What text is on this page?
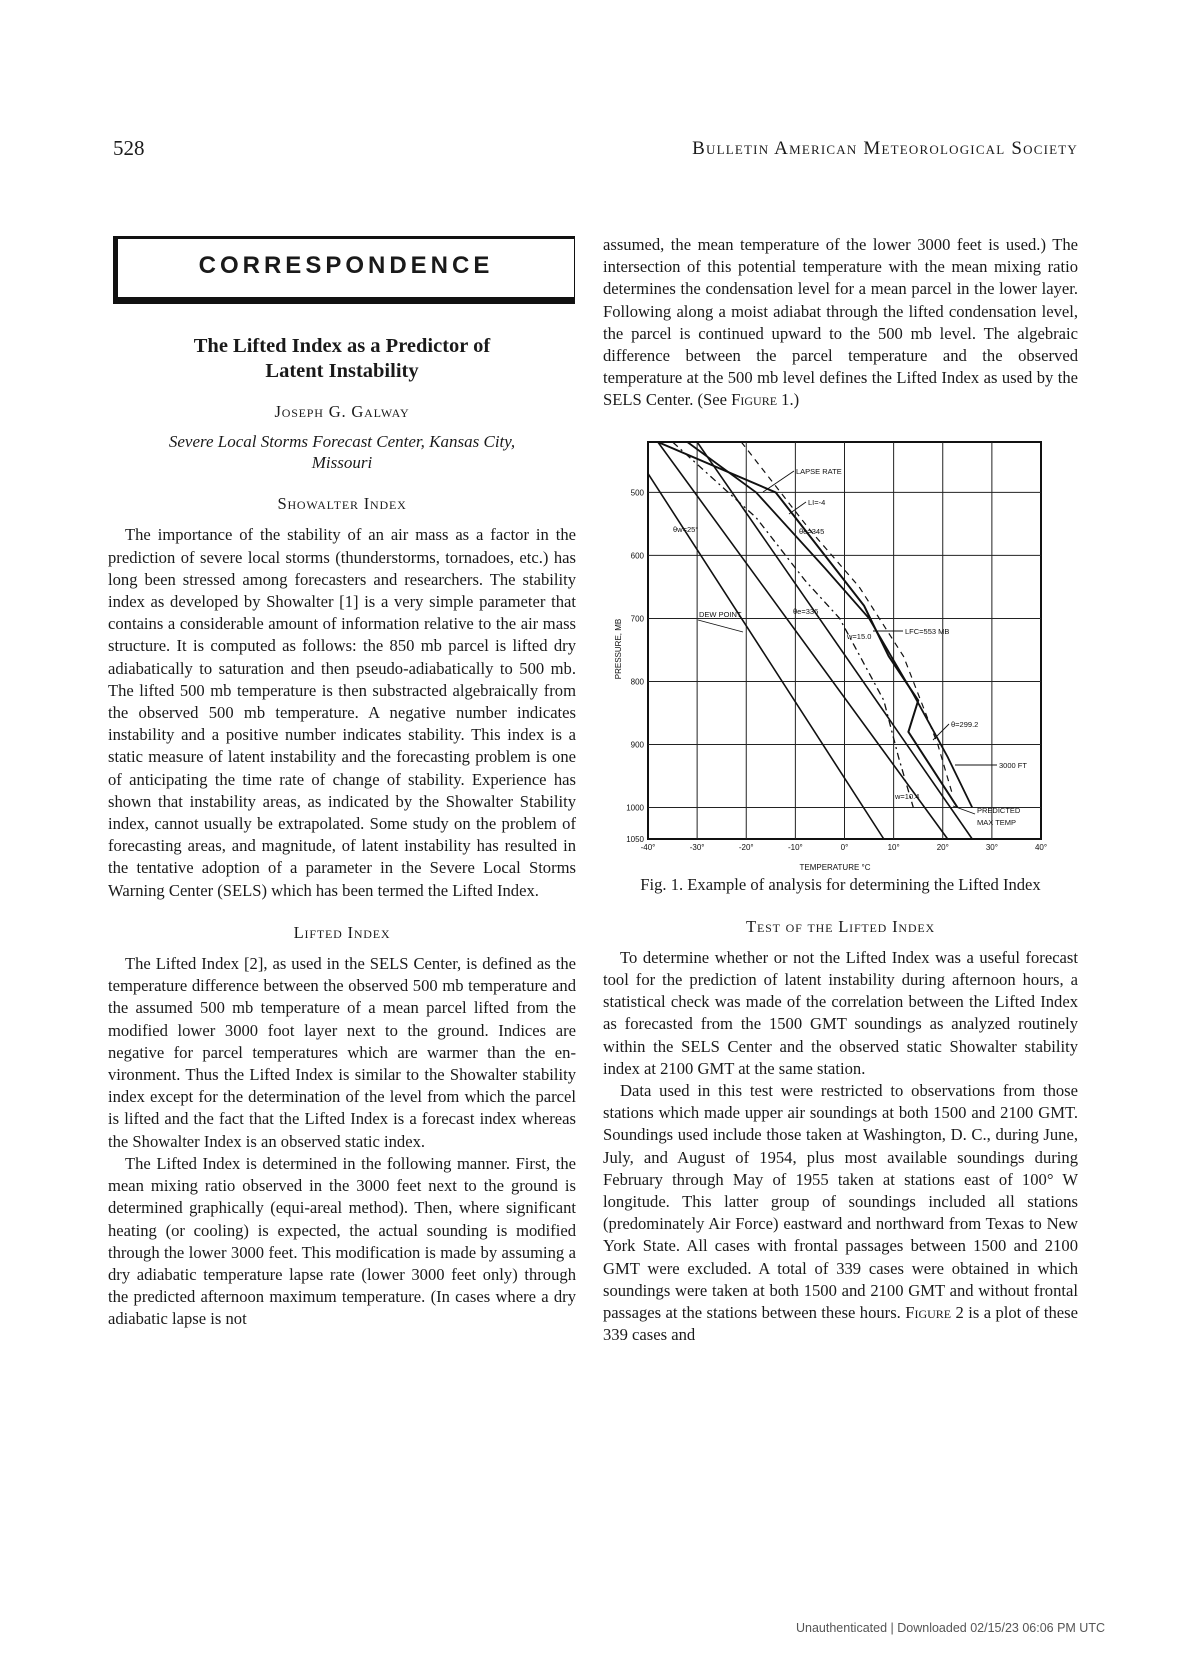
528	Bulletin American Meteorological Society
CORRESPONDENCE
The Lifted Index as a Predictor of
Latent Instability
Joseph G. Galway
Severe Local Storms Forecast Center, Kansas City,
Missouri
Showalter Index

The importance of the stability of an air mass as a factor in the prediction of severe local storms (thunderstorms, tornadoes, etc.) has long been stressed among forecasters and researchers. The stability index as developed by Showalter [1] is a very simple parameter that contains a considerable amount of information relative to the air mass structure. It is computed as follows: the 850 mb parcel is lifted dry adiabatically to saturation and then pseudo-adiabatically to 500 mb. The lifted 500 mb temperature is then substracted algebraically from the observed 500 mb temperature. A negative number indicates instability and a positive number indicates stability. This index is a static measure of latent instability and the forecasting problem is one of anticipating the time rate of change of stability. Experience has shown that instability areas, as indicated by the Showalter Stability index, cannot usually be extrapolated. Some study on the problem of forecasting areas, and magnitude, of latent instability has resulted in the tentative adoption of a parameter in the Severe Local Storms Warning Center (SELS) which has been termed the Lifted Index.

Lifted Index

The Lifted Index [2], as used in the SELS Center, is defined as the temperature difference between the observed 500 mb temperature and the assumed 500 mb temperature of a mean parcel lifted from the modified lower 3000 foot layer next to the ground. Indices are negative for parcel temperatures which are warmer than the environment. Thus the Lifted Index is similar to the Showalter stability index except for the determination of the level from which the parcel is lifted and the fact that the Lifted Index is a forecast index whereas the Showalter Index is an observed static index.

The Lifted Index is determined in the following manner. First, the mean mixing ratio observed in the 3000 feet next to the ground is determined graphically (equi-areal method). Then, where significant heating (or cooling) is expected, the actual sounding is modified through the lower 3000 feet. This modification is made by assuming a dry adiabatic temperature lapse rate (lower 3000 feet only) through the predicted afternoon maximum temperature. (In cases where a dry adiabatic lapse is not

assumed, the mean temperature of the lower 3000 feet is used.) The intersection of this potential temperature with the mean mixing ratio determines the condensation level for a mean parcel in the lower layer. Following along a moist adiabat through the lifted condensation level, the parcel is continued upward to the 500 mb level. The algebraic difference between the parcel temperature and the observed temperature at the 500 mb level defines the Lifted Index as used by the SELS Center. (See Figure 1.)

-40°	-30°	-20°	-10°	0°	10°	20°	30°	40°
500
600
700
800
900
1000
1050
LAPSE RATE
LI=-4
θe=345
θw=25°
DEW POINT	θe=336
w=15.0
LFC=553 MB
θ=299.2
3000 FT
w=10.4
PREDICTED
MAX TEMP
PRESSURE, MB
TEMPERATURE °C
Fig. 1. Example of analysis for determining the Lifted Index
Test of the Lifted Index

To determine whether or not the Lifted Index was a useful forecast tool for the prediction of latent instability during afternoon hours, a statistical check was made of the correlation between the Lifted Index as forecasted from the 1500 GMT soundings as analyzed routinely within the SELS Center and the observed static Showalter stability index at 2100 GMT at the same station.

Data used in this test were restricted to observations from those stations which made upper air soundings at both 1500 and 2100 GMT. Soundings used include those taken at Washington, D. C., during June, July, and August of 1954, plus most available soundings during February through May of 1955 taken at stations east of 100° W longitude. This latter group of soundings included all stations (predominately Air Force) eastward and northward from Texas to New York State. All cases with frontal passages between 1500 and 2100 GMT were excluded. A total of 339 cases were obtained in which soundings were taken at both 1500 and 2100 GMT and without frontal passages at the stations between these hours. Figure 2 is a plot of these 339 cases and

Unauthenticated | Downloaded 02/15/23 06:06 PM UTC
